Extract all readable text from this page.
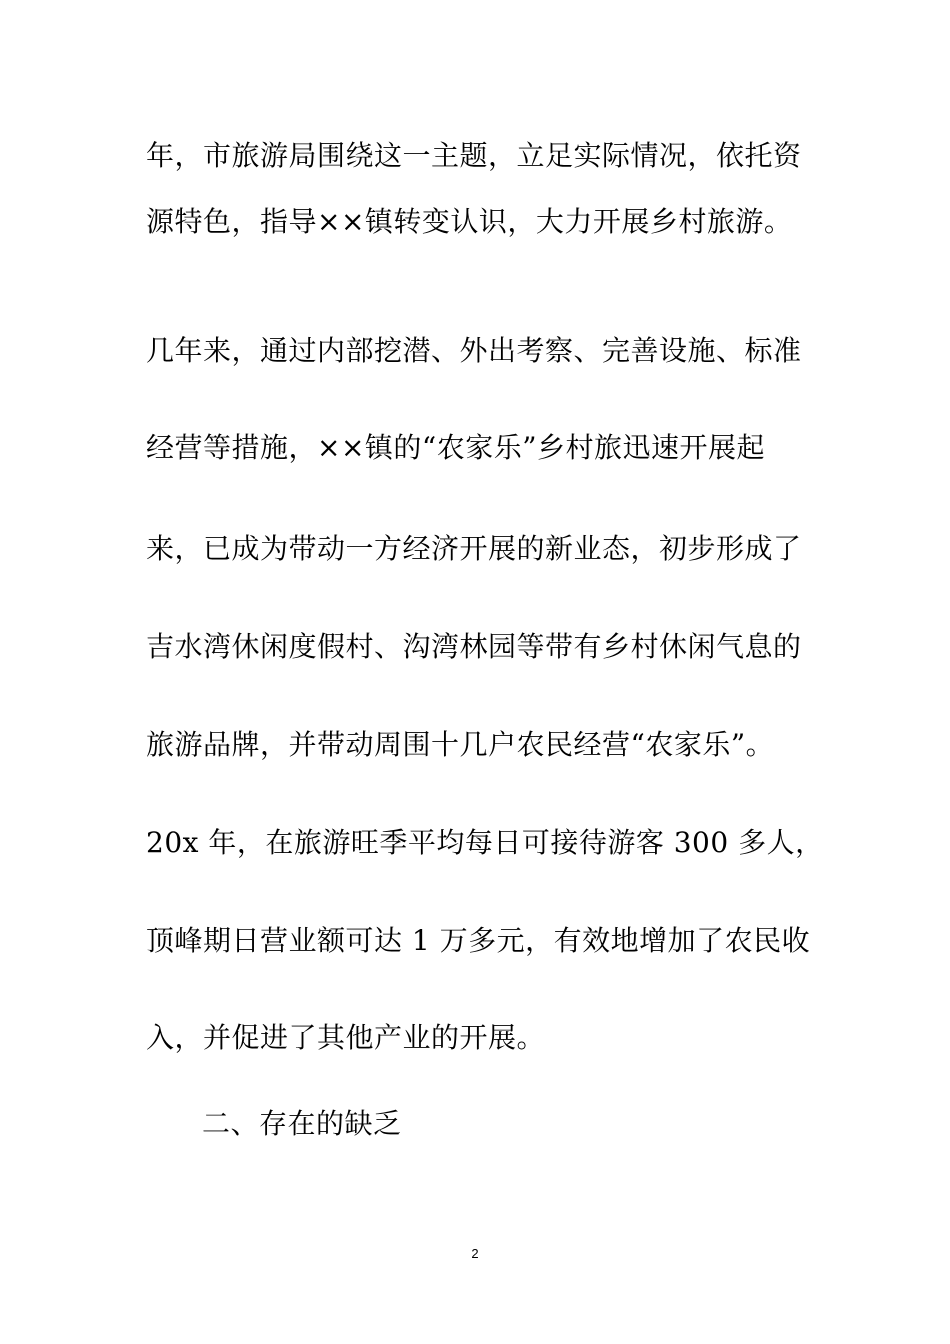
年，市旅游局围绕这一主题，立足实际情况，依托资
源特色，指导××镇转变认识，大力开展乡村旅游。
几年来，通过内部挖潜、外出考察、完善设施、标准
经营等措施，××镇的“农家乐”乡村旅迅速开展起
来，已成为带动一方经济开展的新业态，初步形成了
吉水湾休闲度假村、沟湾林园等带有乡村休闲气息的
旅游品牌，并带动周围十几户农民经营“农家乐”。
20x 年，在旅游旺季平均每日可接待游客 300 多人，
顶峰期日营业额可达 1 万多元，有效地增加了农民收
入，并促进了其他产业的开展。
二、存在的缺乏
2
